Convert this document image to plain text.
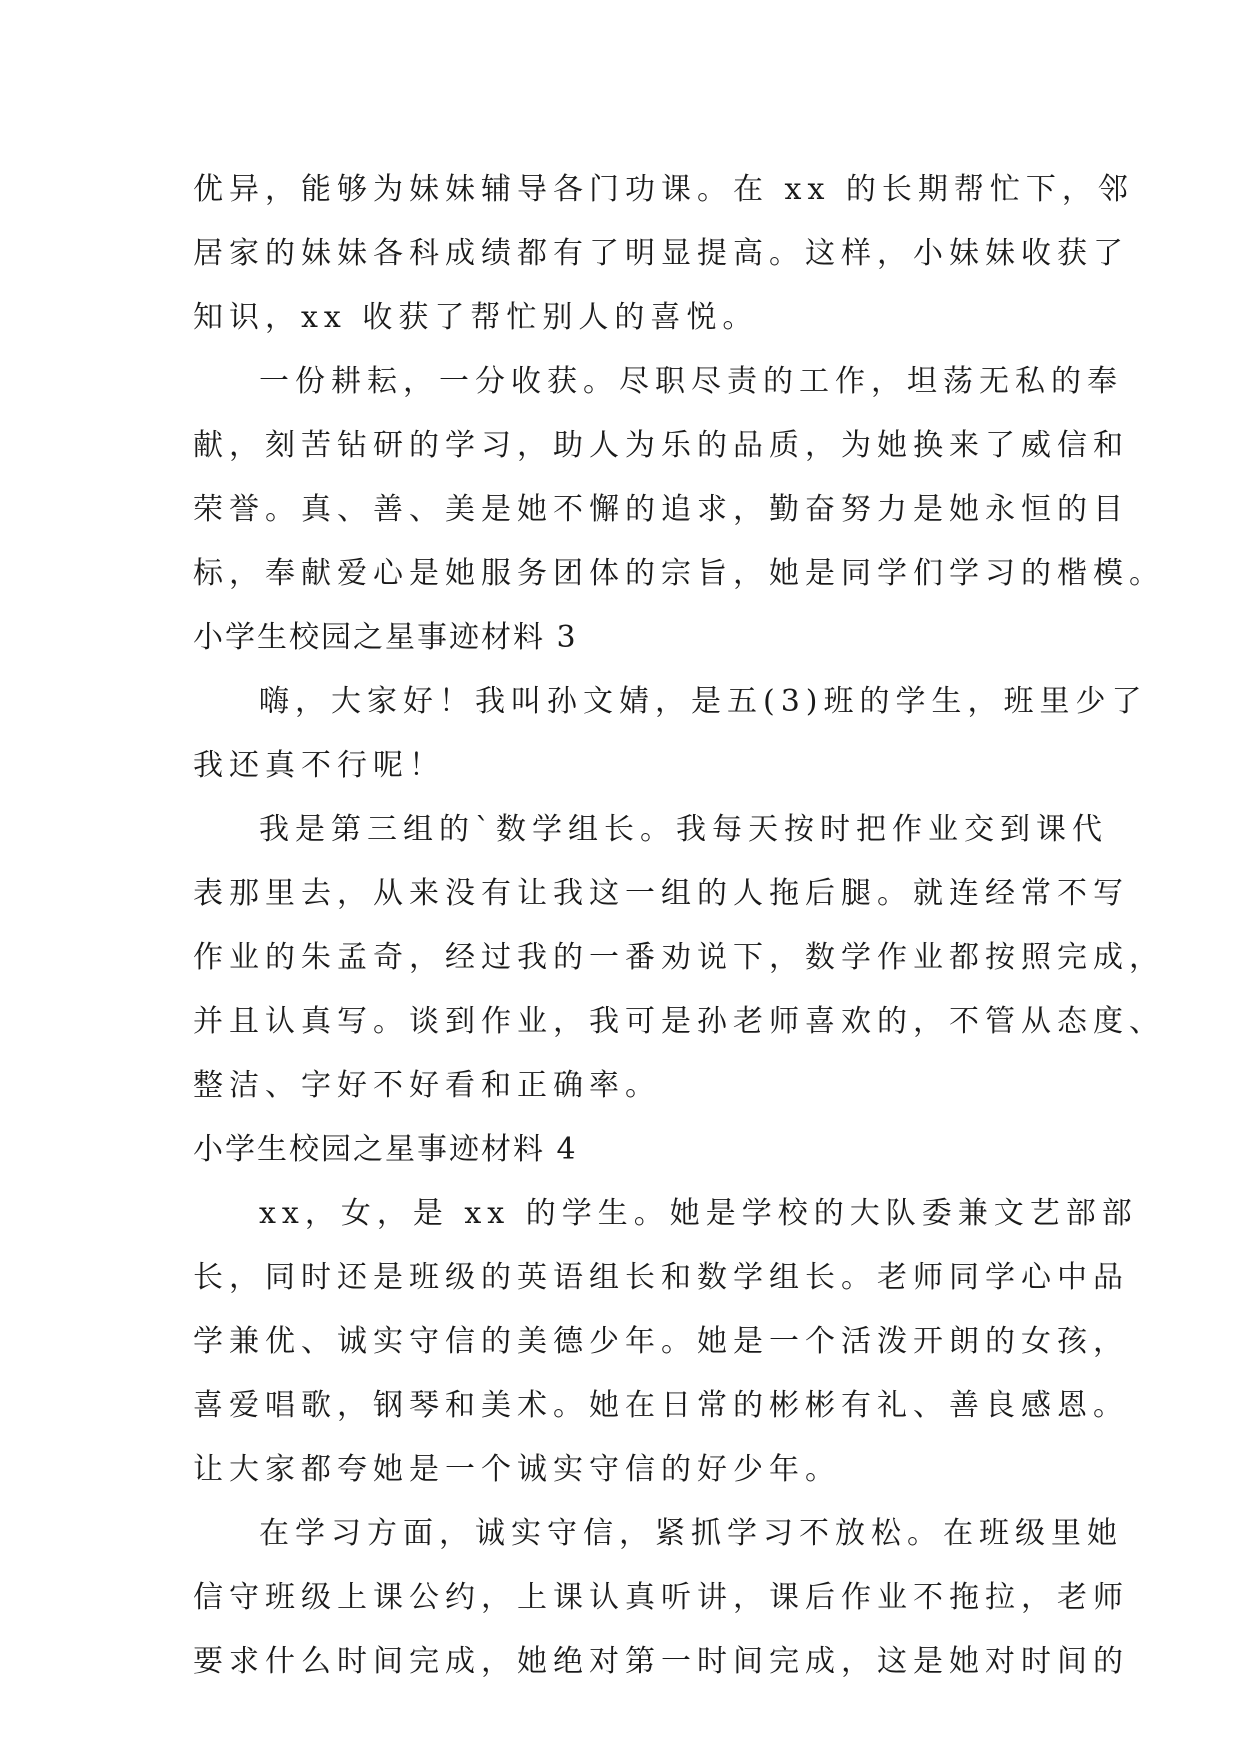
优异，能够为妹妹辅导各门功课。在 xx 的长期帮忙下，邻
居家的妹妹各科成绩都有了明显提高。这样，小妹妹收获了
知识，xx 收获了帮忙别人的喜悦。
一份耕耘，一分收获。尽职尽责的工作，坦荡无私的奉
献，刻苦钻研的学习，助人为乐的品质，为她换来了威信和
荣誉。真、善、美是她不懈的追求，勤奋努力是她永恒的目
标，奉献爱心是她服务团体的宗旨，她是同学们学习的楷模。
小学生校园之星事迹材料 3
嗨，大家好！我叫孙文婧，是五(3)班的学生，班里少了
我还真不行呢！
我是第三组的`数学组长。我每天按时把作业交到课代
表那里去，从来没有让我这一组的人拖后腿。就连经常不写
作业的朱孟奇，经过我的一番劝说下，数学作业都按照完成，
并且认真写。谈到作业，我可是孙老师喜欢的，不管从态度、
整洁、字好不好看和正确率。
小学生校园之星事迹材料 4
xx，女，是 xx 的学生。她是学校的大队委兼文艺部部
长，同时还是班级的英语组长和数学组长。老师同学心中品
学兼优、诚实守信的美德少年。她是一个活泼开朗的女孩，
喜爱唱歌，钢琴和美术。她在日常的彬彬有礼、善良感恩。
让大家都夸她是一个诚实守信的好少年。
在学习方面，诚实守信，紧抓学习不放松。在班级里她
信守班级上课公约，上课认真听讲，课后作业不拖拉，老师
要求什么时间完成，她绝对第一时间完成，这是她对时间的
